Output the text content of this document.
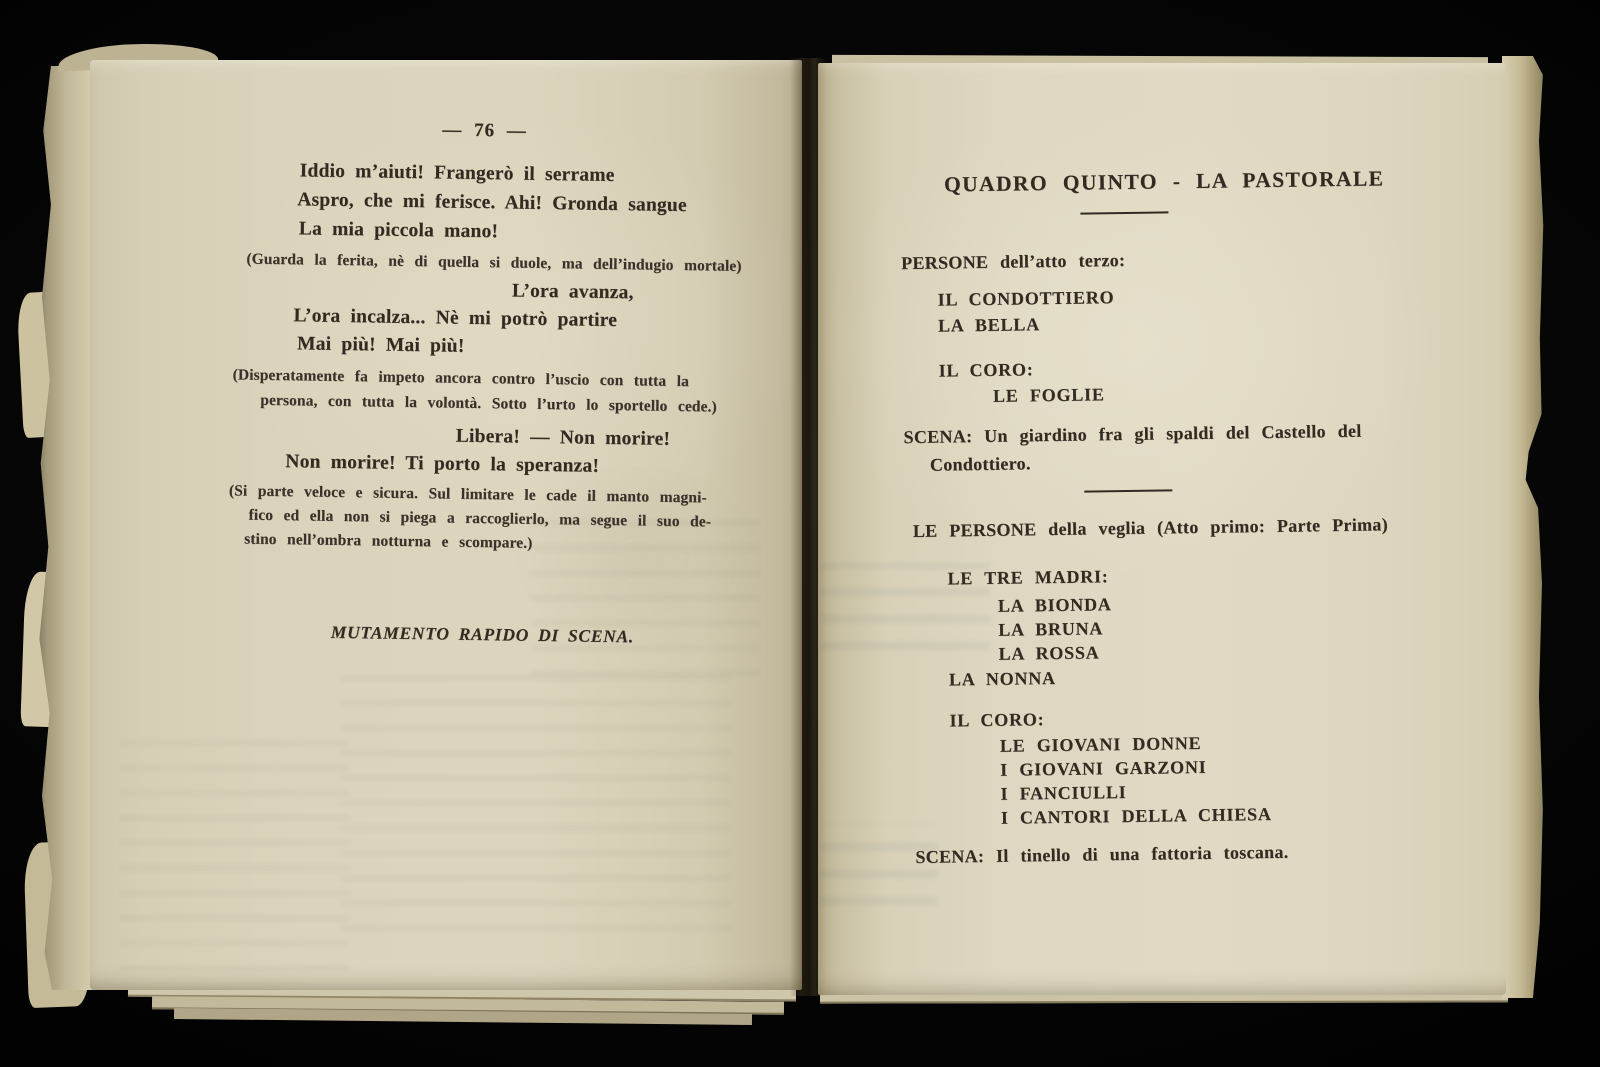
— 76 —
Iddio m’aiuti! Frangerò il serrame
Aspro, che mi ferisce. Ahi! Gronda sangue
La mia piccola mano!
(Guarda la ferita, nè di quella si duole, ma dell’indugio mortale)
L’ora avanza,
L’ora incalza... Nè mi potrò partire
Mai più! Mai più!
(Disperatamente fa impeto ancora contro l’uscio con tutta la
persona, con tutta la volontà. Sotto l’urto lo sportello cede.)
Libera! — Non morire!
Non morire! Ti porto la speranza!
(Si parte veloce e sicura. Sul limitare le cade il manto magni-
fico ed ella non si piega a raccoglierlo, ma segue il suo de-
stino nell’ombra notturna e scompare.)
MUTAMENTO RAPIDO DI SCENA.
QUADRO QUINTO - LA PASTORALE
PERSONE dell’atto terzo:
IL CONDOTTIERO
LA BELLA
IL CORO:
LE FOGLIE
SCENA: Un giardino fra gli spaldi del Castello del
Condottiero.
LE PERSONE della veglia (Atto primo: Parte Prima)
LE TRE MADRI:
LA BIONDA
LA BRUNA
LA ROSSA
LA NONNA
IL CORO:
LE GIOVANI DONNE
I GIOVANI GARZONI
I FANCIULLI
I CANTORI DELLA CHIESA
SCENA: Il tinello di una fattoria toscana.
